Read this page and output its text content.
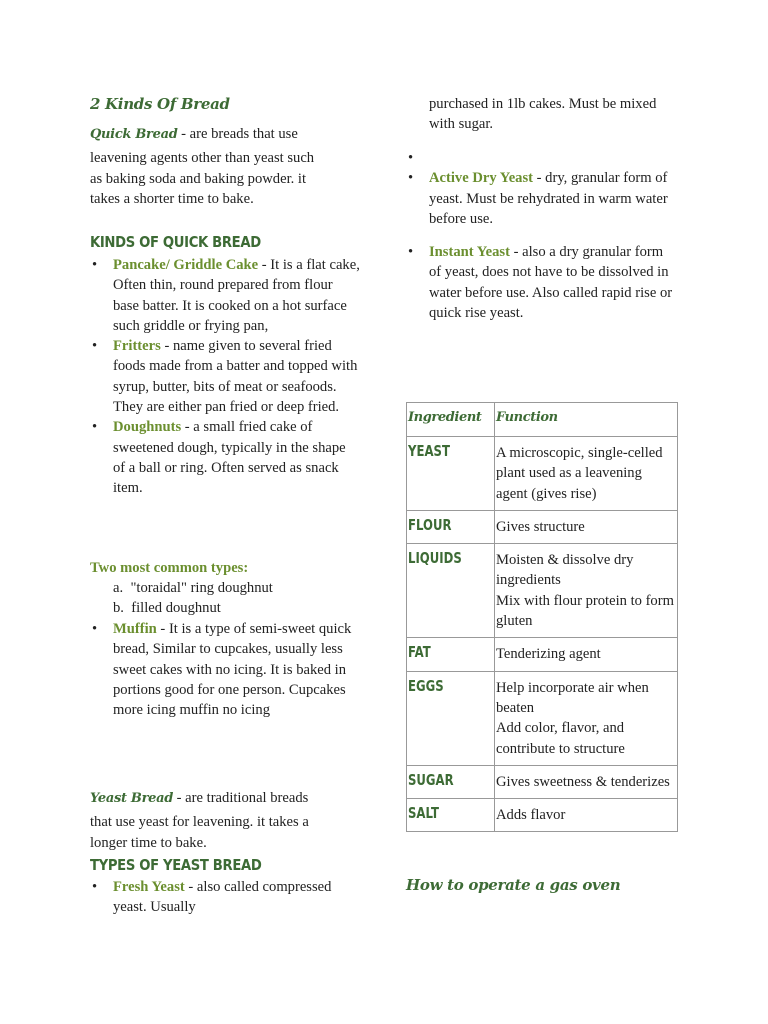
2 Kinds Of Bread
Quick Bread - are breads that use
leavening agents other than yeast such as baking soda and baking powder. it takes a shorter time to bake.
KINDS OF QUICK BREAD
• Pancake/ Griddle Cake - It is a flat cake, Often thin, round prepared from flour base batter. It is cooked on a hot surface such griddle or frying pan,
• Fritters - name given to several fried foods made from a batter and topped with syrup, butter, bits of meat or seafoods. They are either pan fried or deep fried.
• Doughnuts - a small fried cake of sweetened dough, typically in the shape of a ball or ring. Often served as snack item.
Two most common types:
a. "toraidal" ring doughnut
b. filled doughnut
• Muffin - It is a type of semi-sweet quick bread, Similar to cupcakes, usually less sweet cakes with no icing. It is baked in portions good for one person. Cupcakes more icing muffin no icing
Yeast Bread - are traditional breads
that use yeast for leavening. it takes a longer time to bake.
TYPES OF YEAST BREAD
• Fresh Yeast - also called compressed yeast. Usually
purchased in 1lb cakes. Must be mixed with sugar.
•
• Active Dry Yeast - dry, granular form of yeast. Must be rehydrated in warm water before use.
• Instant Yeast - also a dry granular form of yeast, does not have to be dissolved in water before use. Also called rapid rise or quick rise yeast.
Ingredient	Function
YEAST	A microscopic, single-celled plant used as a leavening agent (gives rise)

FLOUR	Gives structure

LIQUIDS	Moisten & dissolve dry ingredients
Mix with flour protein to form gluten

FAT	Tenderizing agent

EGGS	Help incorporate air when beaten
Add color, flavor, and contribute to structure

SUGAR	Gives sweetness & tenderizes

SALT	Adds flavor
How to operate a gas oven
